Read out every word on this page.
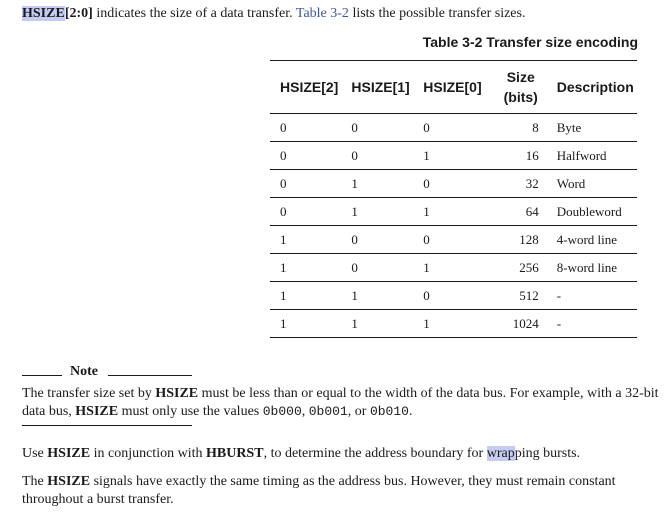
HSIZE[2:0] indicates the size of a data transfer. Table 3-2 lists the possible transfer sizes.
Table 3-2 Transfer size encoding
HSIZE[2]	HSIZE[1]	HSIZE[0]	Size (bits)	Description
0	0	0	8	Byte
0	0	1	16	Halfword
0	1	0	32	Word
0	1	1	64	Doubleword
1	0	0	128	4-word line
1	0	1	256	8-word line
1	1	0	512	-
1	1	1	1024	-
Note
The transfer size set by HSIZE must be less than or equal to the width of the data bus. For example, with a 32-bit
data bus, HSIZE must only use the values 0b000, 0b001, or 0b010.
Use HSIZE in conjunction with HBURST, to determine the address boundary for wrapping bursts.
The HSIZE signals have exactly the same timing as the address bus. However, they must remain constant
throughout a burst transfer.
